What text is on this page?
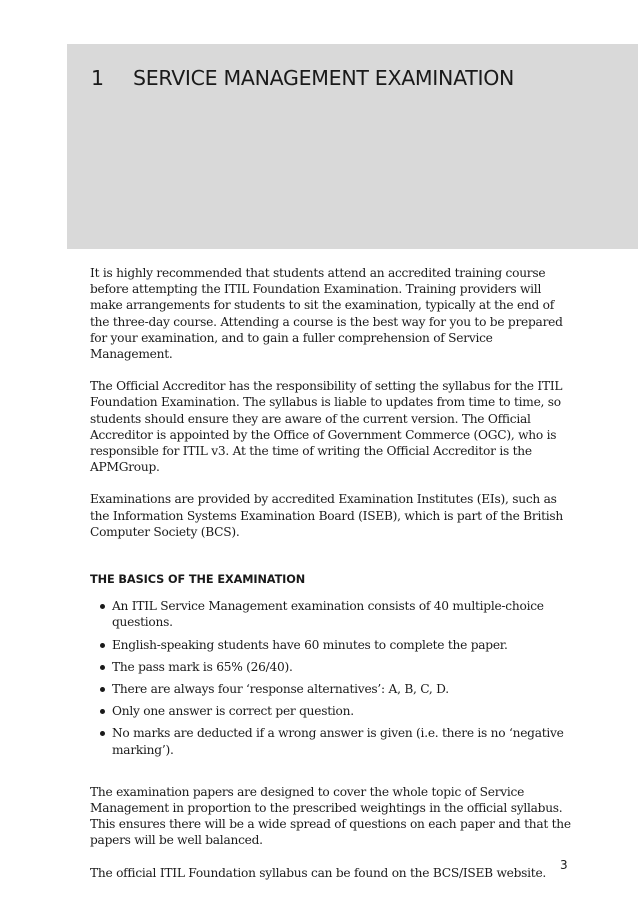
1 SERVICE MANAGEMENT EXAMINATION

It is highly recommended that students attend an accredited training course before attempting the ITIL Foundation Examination. Training providers will make arrangements for students to sit the examination, typically at the end of the three-day course. Attending a course is the best way for you to be prepared for your examination, and to gain a fuller comprehension of Service Management.

The Official Accreditor has the responsibility of setting the syllabus for the ITIL Foundation Examination. The syllabus is liable to updates from time to time, so students should ensure they are aware of the current version. The Official Accreditor is appointed by the Office of Government Commerce (OGC), who is responsible for ITIL v3. At the time of writing the Official Accreditor is the APMGroup.

Examinations are provided by accredited Examination Institutes (EIs), such as the Information Systems Examination Board (ISEB), which is part of the British Computer Society (BCS).

THE BASICS OF THE EXAMINATION
An ITIL Service Management examination consists of 40 multiple-choice questions.
English-speaking students have 60 minutes to complete the paper.
The pass mark is 65% (26/40).
There are always four ‘response alternatives’: A, B, C, D.
Only one answer is correct per question.
No marks are deducted if a wrong answer is given (i.e. there is no ‘negative marking’).

The examination papers are designed to cover the whole topic of Service Management in proportion to the prescribed weightings in the official syllabus. This ensures there will be a wide spread of questions on each paper and that the papers will be well balanced.

The official ITIL Foundation syllabus can be found on the BCS/ISEB website.

3
